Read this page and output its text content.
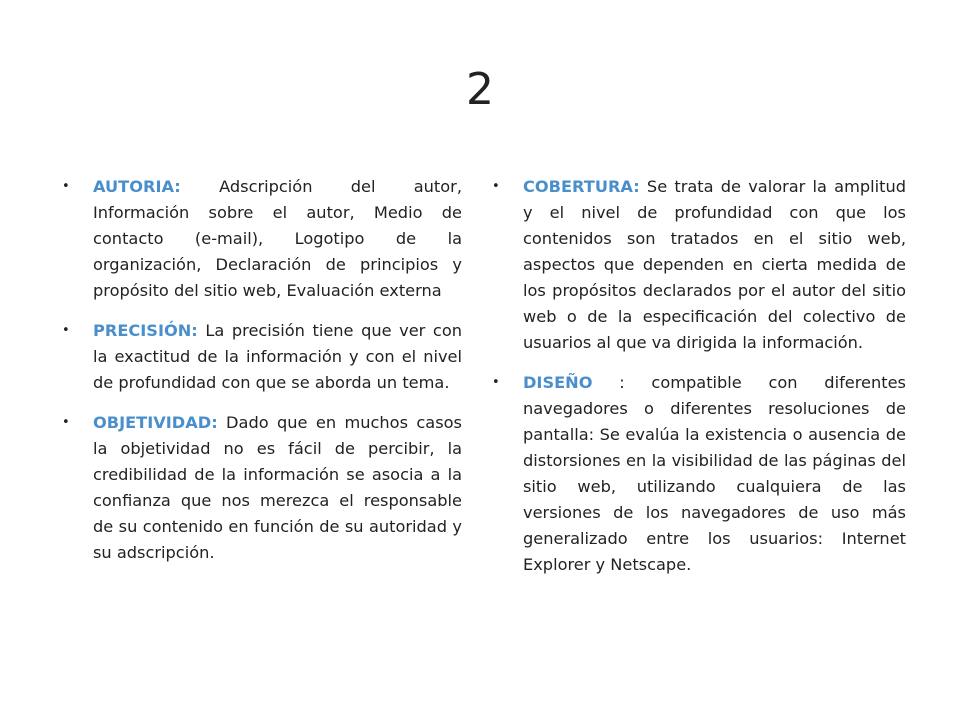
2
• AUTORIA: Adscripción del autor, Información sobre el autor, Medio de contacto (e-mail), Logotipo de la organización, Declaración de principios y propósito del sitio web, Evaluación externa
• PRECISIÓN: La precisión tiene que ver con la exactitud de la información y con el nivel de profundidad con que se aborda un tema.
• OBJETIVIDAD: Dado que en muchos casos la objetividad no es fácil de percibir, la credibilidad de la información se asocia a la confianza que nos merezca el responsable de su contenido en función de su autoridad y su adscripción.
• COBERTURA: Se trata de valorar la amplitud y el nivel de profundidad con que los contenidos son tratados en el sitio web, aspectos que dependen en cierta medida de los propósitos declarados por el autor del sitio web o de la especificación del colectivo de usuarios al que va dirigida la información.
• DISEÑO : compatible con diferentes navegadores o diferentes resoluciones de pantalla: Se evalúa la existencia o ausencia de distorsiones en la visibilidad de las páginas del sitio web, utilizando cualquiera de las versiones de los navegadores de uso más generalizado entre los usuarios: Internet Explorer y Netscape.
